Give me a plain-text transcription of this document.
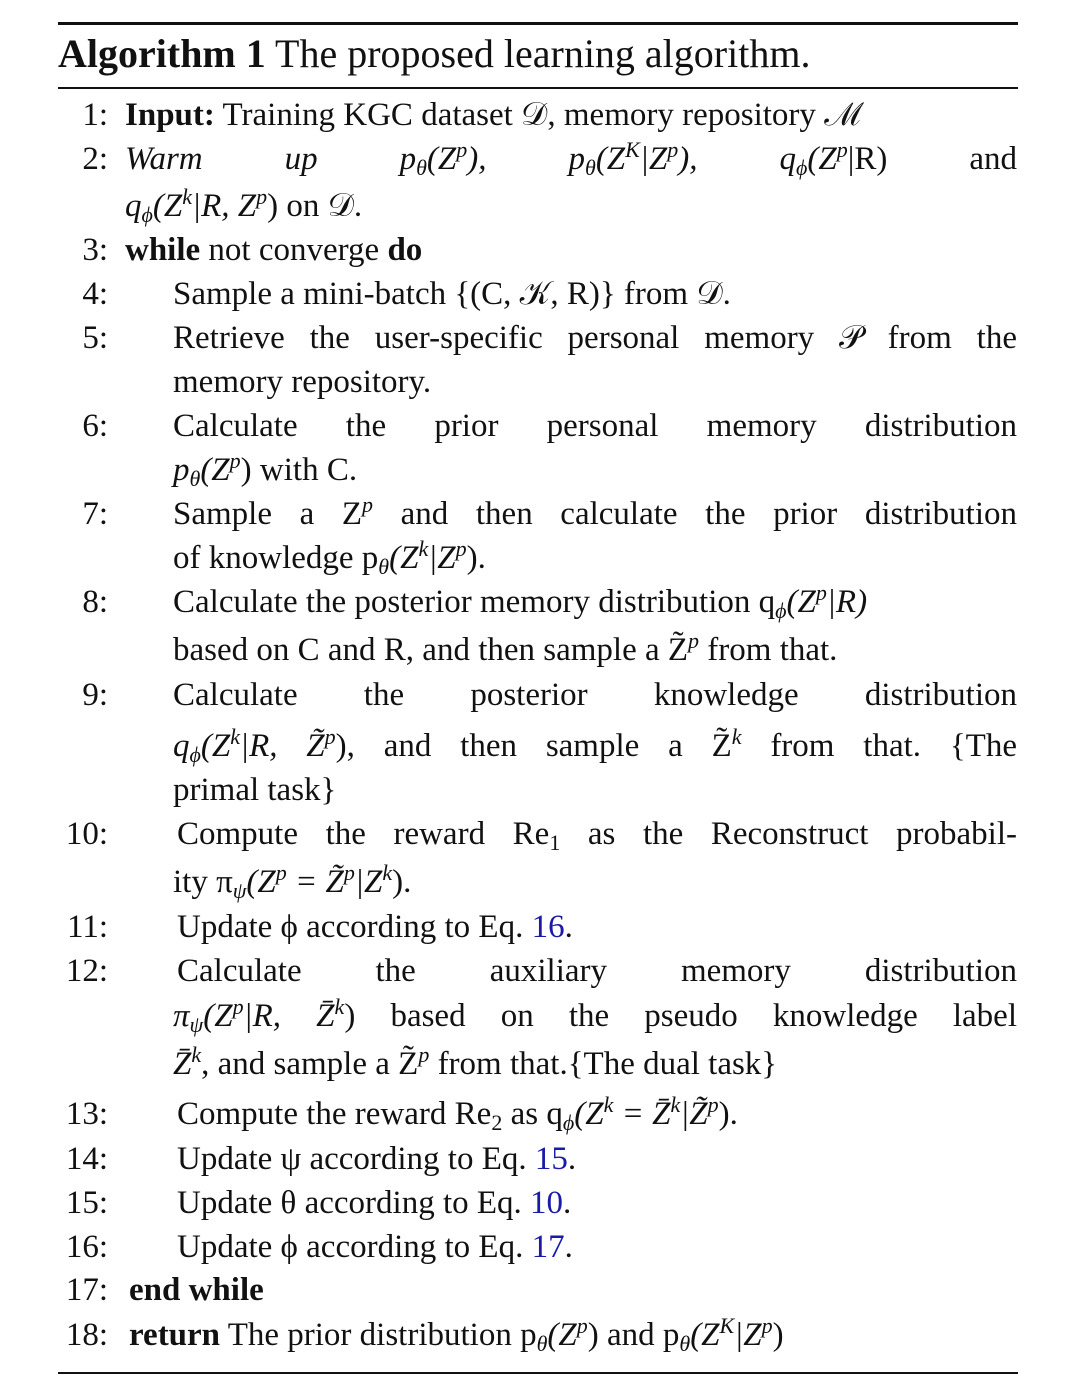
Algorithm 1 The proposed learning algorithm.
1: Input: Training KGC dataset 𝒟, memory repository ℳ
2: Warm up $p_\theta(Z^p)$, $p_\theta(Z^K|Z^p)$, $q_\phi(Z^p|R)$ and
$q_\phi(Z^k|R$, $Z^p$) on 𝒟.
3: while not converge do
4: Sample a mini-batch {(C, 𝒦, R)} from 𝒟.
5: Retrieve the user-specific personal memory 𝒫 from the
memory repository.
6: Calculate the prior personal memory distribution
$p_\theta(Z^p)$ with C.
7: Sample a $Z^p$ and then calculate the prior distribution
of knowledge $p_\theta(Z^k|Z^p)$.
8: Calculate the posterior memory distribution $q_\phi(Z^p|R)$
based on C and R, and then sample a Z̃$^p$ from that.
9: Calculate the posterior knowledge distribution
$q_\phi(Z^k|R$, Z̃$^p$), and then sample a Z̃$^k$ from that. {The
primal task}
10: Compute the reward $Re_1$ as the Reconstruct probabil-
ity $\pi_\psi(Z^p$ = $Z̃^p|Z^k$).
11: Update ϕ according to Eq. 16.
12: Calculate the auxiliary memory distribution
$\pi_\psi(Z^p|R$, Z̄$^k$) based on the pseudo knowledge label
Z̄$^k$, and sample a Z̃$^p$ from that.{The dual task}
13: Compute the reward $Re_2$ as $q_\phi(Z^k$ = Z̄$^k$|Z̃$^p$).
14: Update ψ according to Eq. 15.
15: Update θ according to Eq. 10.
16: Update ϕ according to Eq. 17.
17: end while
18: return The prior distribution $p_\theta(Z^p)$ and $p_\theta(Z^K|Z^p)$
